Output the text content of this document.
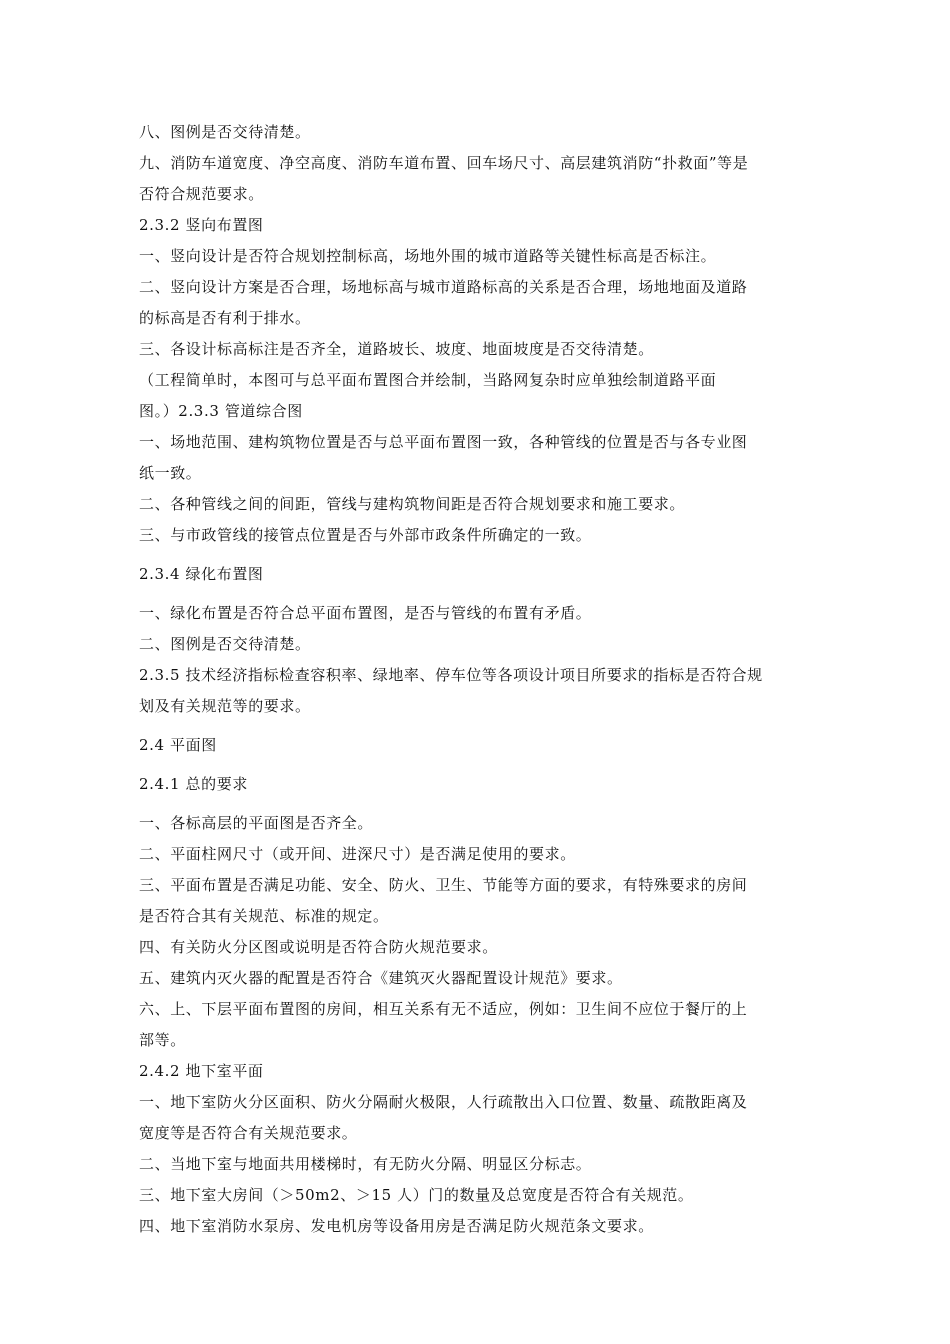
八、图例是否交待清楚。
九、消防车道宽度、净空高度、消防车道布置、回车场尺寸、高层建筑消防“扑救面”等是
否符合规范要求。
2.3.2 竖向布置图
一、竖向设计是否符合规划控制标高，场地外围的城市道路等关键性标高是否标注。
二、竖向设计方案是否合理，场地标高与城市道路标高的关系是否合理，场地地面及道路
的标高是否有利于排水。
三、各设计标高标注是否齐全，道路坡长、坡度、地面坡度是否交待清楚。
（工程简单时，本图可与总平面布置图合并绘制，当路网复杂时应单独绘制道路平面
图。）2.3.3 管道综合图
一、场地范围、建构筑物位置是否与总平面布置图一致，各种管线的位置是否与各专业图
纸一致。
二、各种管线之间的间距，管线与建构筑物间距是否符合规划要求和施工要求。
三、与市政管线的接管点位置是否与外部市政条件所确定的一致。
2.3.4 绿化布置图
一、绿化布置是否符合总平面布置图，是否与管线的布置有矛盾。
二、图例是否交待清楚。
2.3.5 技术经济指标检查容积率、绿地率、停车位等各项设计项目所要求的指标是否符合规
划及有关规范等的要求。
2.4 平面图
2.4.1 总的要求
一、各标高层的平面图是否齐全。
二、平面柱网尺寸（或开间、进深尺寸）是否满足使用的要求。
三、平面布置是否满足功能、安全、防火、卫生、节能等方面的要求，有特殊要求的房间
是否符合其有关规范、标准的规定。
四、有关防火分区图或说明是否符合防火规范要求。
五、建筑内灭火器的配置是否符合《建筑灭火器配置设计规范》要求。
六、上、下层平面布置图的房间，相互关系有无不适应，例如：卫生间不应位于餐厅的上
部等。
2.4.2 地下室平面
一、地下室防火分区面积、防火分隔耐火极限，人行疏散出入口位置、数量、疏散距离及
宽度等是否符合有关规范要求。
二、当地下室与地面共用楼梯时，有无防火分隔、明显区分标志。
三、地下室大房间（＞50m2、＞15 人）门的数量及总宽度是否符合有关规范。
四、地下室消防水泵房、发电机房等设备用房是否满足防火规范条文要求。
